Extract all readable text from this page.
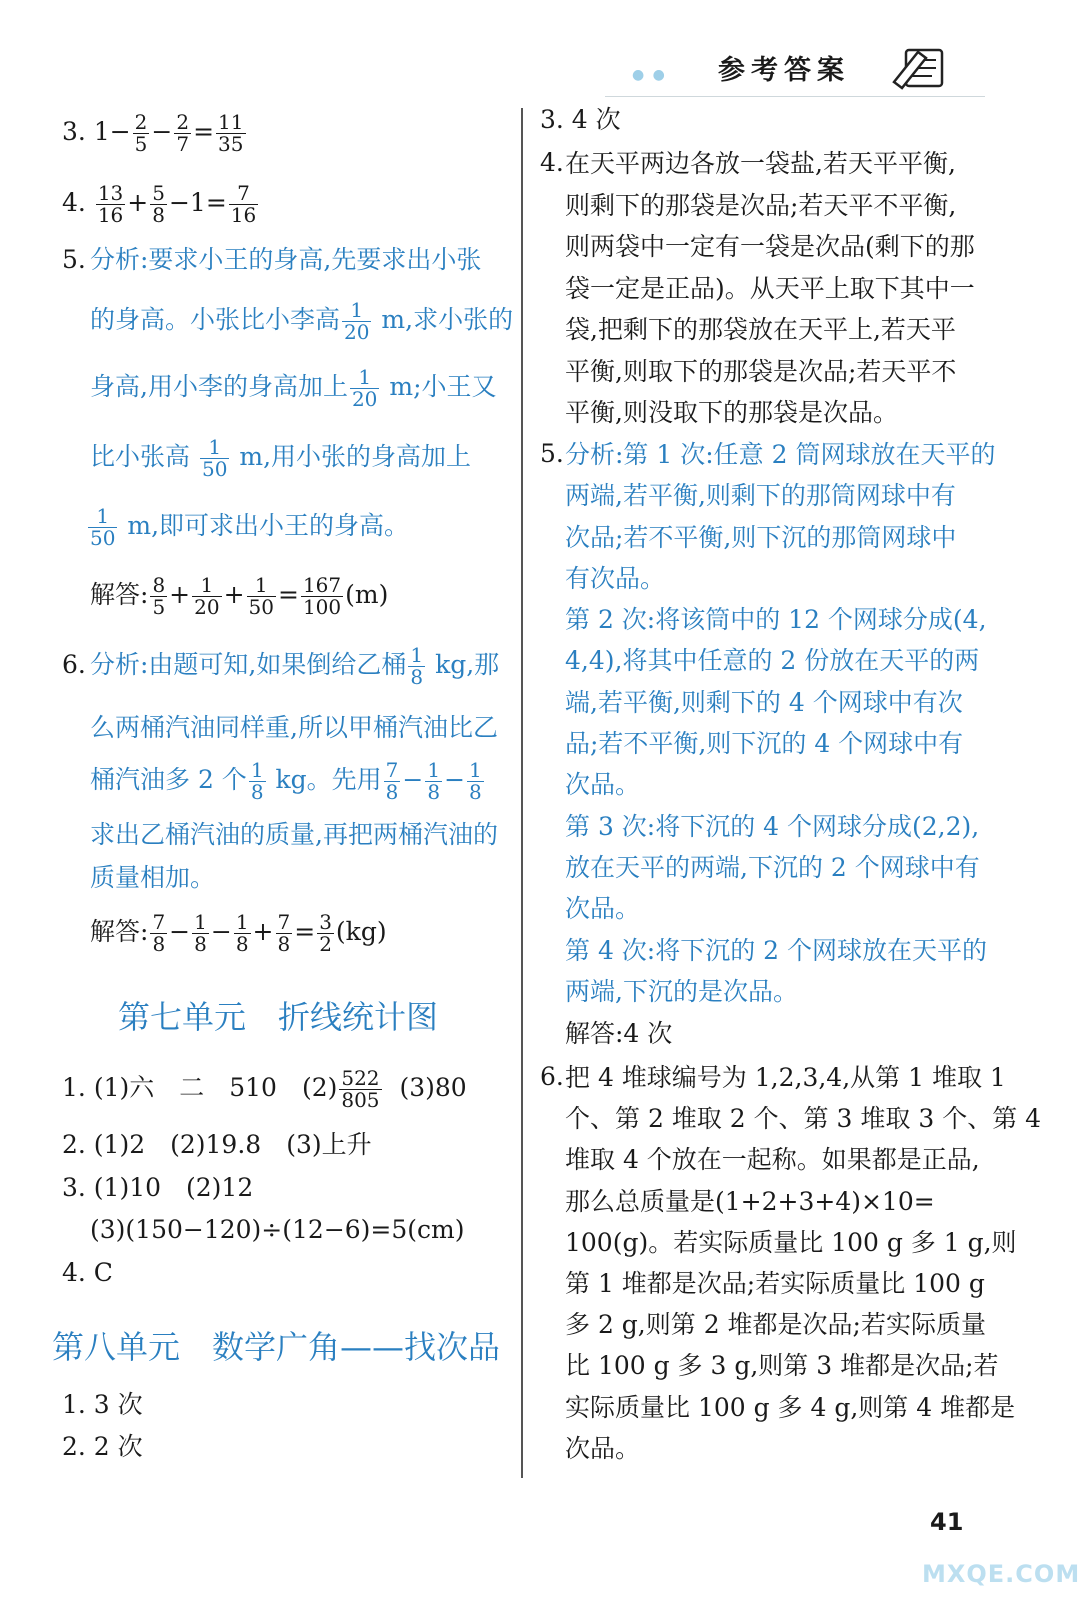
● ● 参考答案
3. $1- \frac{2}{5} - \frac{2}{7} = \frac{11}{35}$
4. $\frac{13}{16} + \frac{5}{8} -1= \frac{7}{16}$
5. 分析:要求小王的身高,先要求出小张
的身高。小张比小李高 $\frac{1}{20} m$,求小张的
身高,用小李的身高加上 $\frac{1}{20} m$;小王又
比小张高 $\frac{1}{50} m$,用小张的身高加上
$\frac{1}{50} m$,即可求出小王的身高。
解答: $\frac{8}{5} + \frac{1}{20} + \frac{1}{50} = \frac{167}{100} (m)$
6. 分析:由题可知,如果倒给乙桶 $\frac{1}{8}$ kg,那
么两桶汽油同样重,所以甲桶汽油比乙
桶汽油多 2 个 $\frac{1}{8}$ kg。先用 $\frac{7}{8} - \frac{1}{8} - \frac{1}{8}$
求出乙桶汽油的质量,再把两桶汽油的
质量相加。
解答: $\frac{7}{8} - \frac{1}{8} - \frac{1}{8} + \frac{7}{8} = \frac{3}{2} (kg)$
第七单元　折线统计图
1. (1)六　二　510　$(2) \frac{522}{805} (3)80$
2. (1)2　(2)19.8　(3)上升
3. (1)10　(2)12
(3)(150−120)÷(12−6)=5(cm)
4. C
第八单元　数学广角——找次品
1. 3 次
2. 2 次
3. 4 次
4. 在天平两边各放一袋盐,若天平平衡,
则剩下的那袋是次品;若天平不平衡,
则两袋中一定有一袋是次品(剩下的那
袋一定是正品)。从天平上取下其中一
袋,把剩下的那袋放在天平上,若天平
平衡,则取下的那袋是次品;若天平不
平衡,则没取下的那袋是次品。
5. 分析:第 1 次:任意 2 筒网球放在天平的
两端,若平衡,则剩下的那筒网球中有
次品;若不平衡,则下沉的那筒网球中
有次品。
第 2 次:将该筒中的 12 个网球分成(4,
4,4),将其中任意的 2 份放在天平的两
端,若平衡,则剩下的 4 个网球中有次
品;若不平衡,则下沉的 4 个网球中有
次品。
第 3 次:将下沉的 4 个网球分成(2,2),
放在天平的两端,下沉的 2 个网球中有
次品。
第 4 次:将下沉的 2 个网球放在天平的
两端,下沉的是次品。
解答:4 次
6. 把 4 堆球编号为 1,2,3,4,从第 1 堆取 1
个、第 2 堆取 2 个、第 3 堆取 3 个、第 4
堆取 4 个放在一起称。如果都是正品,
那么总质量是(1+2+3+4)×10=
100(g)。若实际质量比 100 g 多 1 g,则
第 1 堆都是次品;若实际质量比 100 g
多 2 g,则第 2 堆都是次品;若实际质量
比 100 g 多 3 g,则第 3 堆都是次品;若
实际质量比 100 g 多 4 g,则第 4 堆都是
次品。
41
MXQE.COM
